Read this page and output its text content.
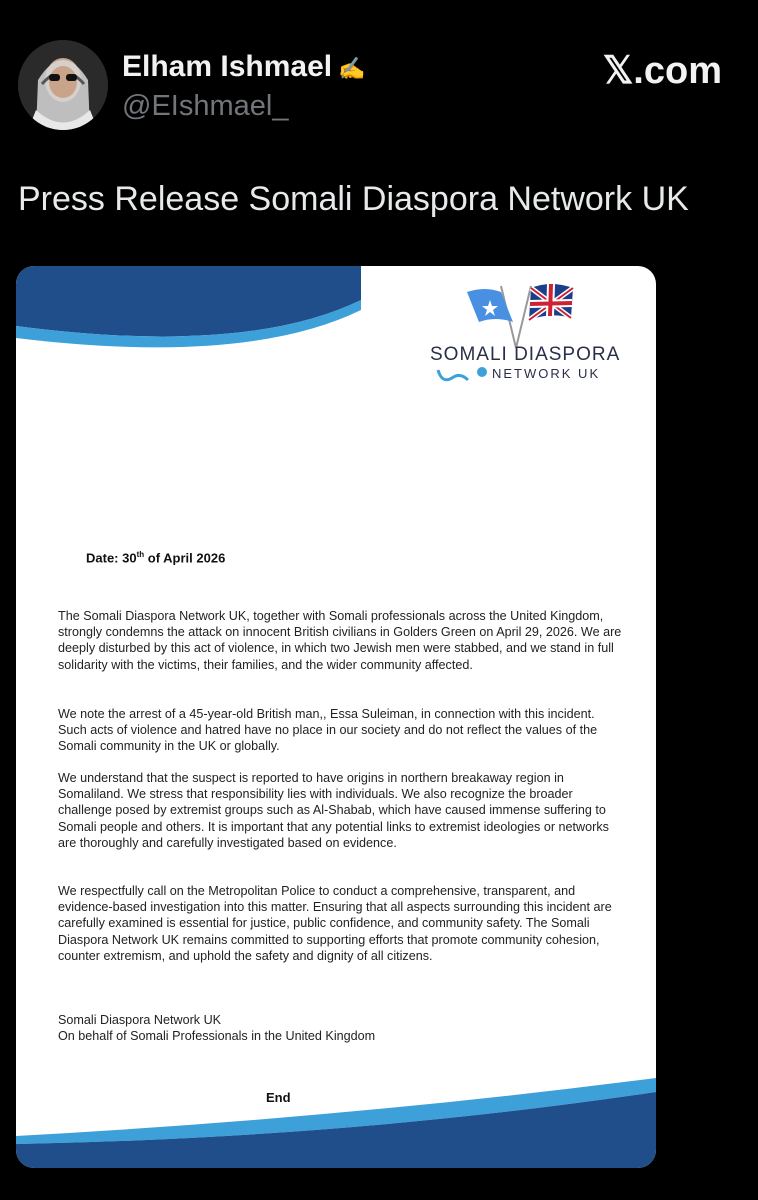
Elham Ishmael ✍
@EIshmael_
𝕏.com
Press Release Somali Diaspora Network UK
SOMALI DIASPORA
NETWORK UK
Date: 30th of April 2026
The Somali Diaspora Network UK, together with Somali professionals across the United Kingdom, strongly condemns the attack on innocent British civilians in Golders Green on April 29, 2026. We are deeply disturbed by this act of violence, in which two Jewish men were stabbed, and we stand in full solidarity with the victims, their families, and the wider community affected.
We note the arrest of a 45-year-old British man,, Essa Suleiman, in connection with this incident. Such acts of violence and hatred have no place in our society and do not reflect the values of the Somali community in the UK or globally.
We understand that the suspect is reported to have origins in northern breakaway region in Somaliland. We stress that responsibility lies with individuals. We also recognize the broader challenge posed by extremist groups such as Al-Shabab, which have caused immense suffering to Somali people and others. It is important that any potential links to extremist ideologies or networks are thoroughly and carefully investigated based on evidence.
We respectfully call on the Metropolitan Police to conduct a comprehensive, transparent, and evidence-based investigation into this matter. Ensuring that all aspects surrounding this incident are carefully examined is essential for justice, public confidence, and community safety. The Somali Diaspora Network UK remains committed to supporting efforts that promote community cohesion, counter extremism, and uphold the safety and dignity of all citizens.
Somali Diaspora Network UK
On behalf of Somali Professionals in the United Kingdom
End
